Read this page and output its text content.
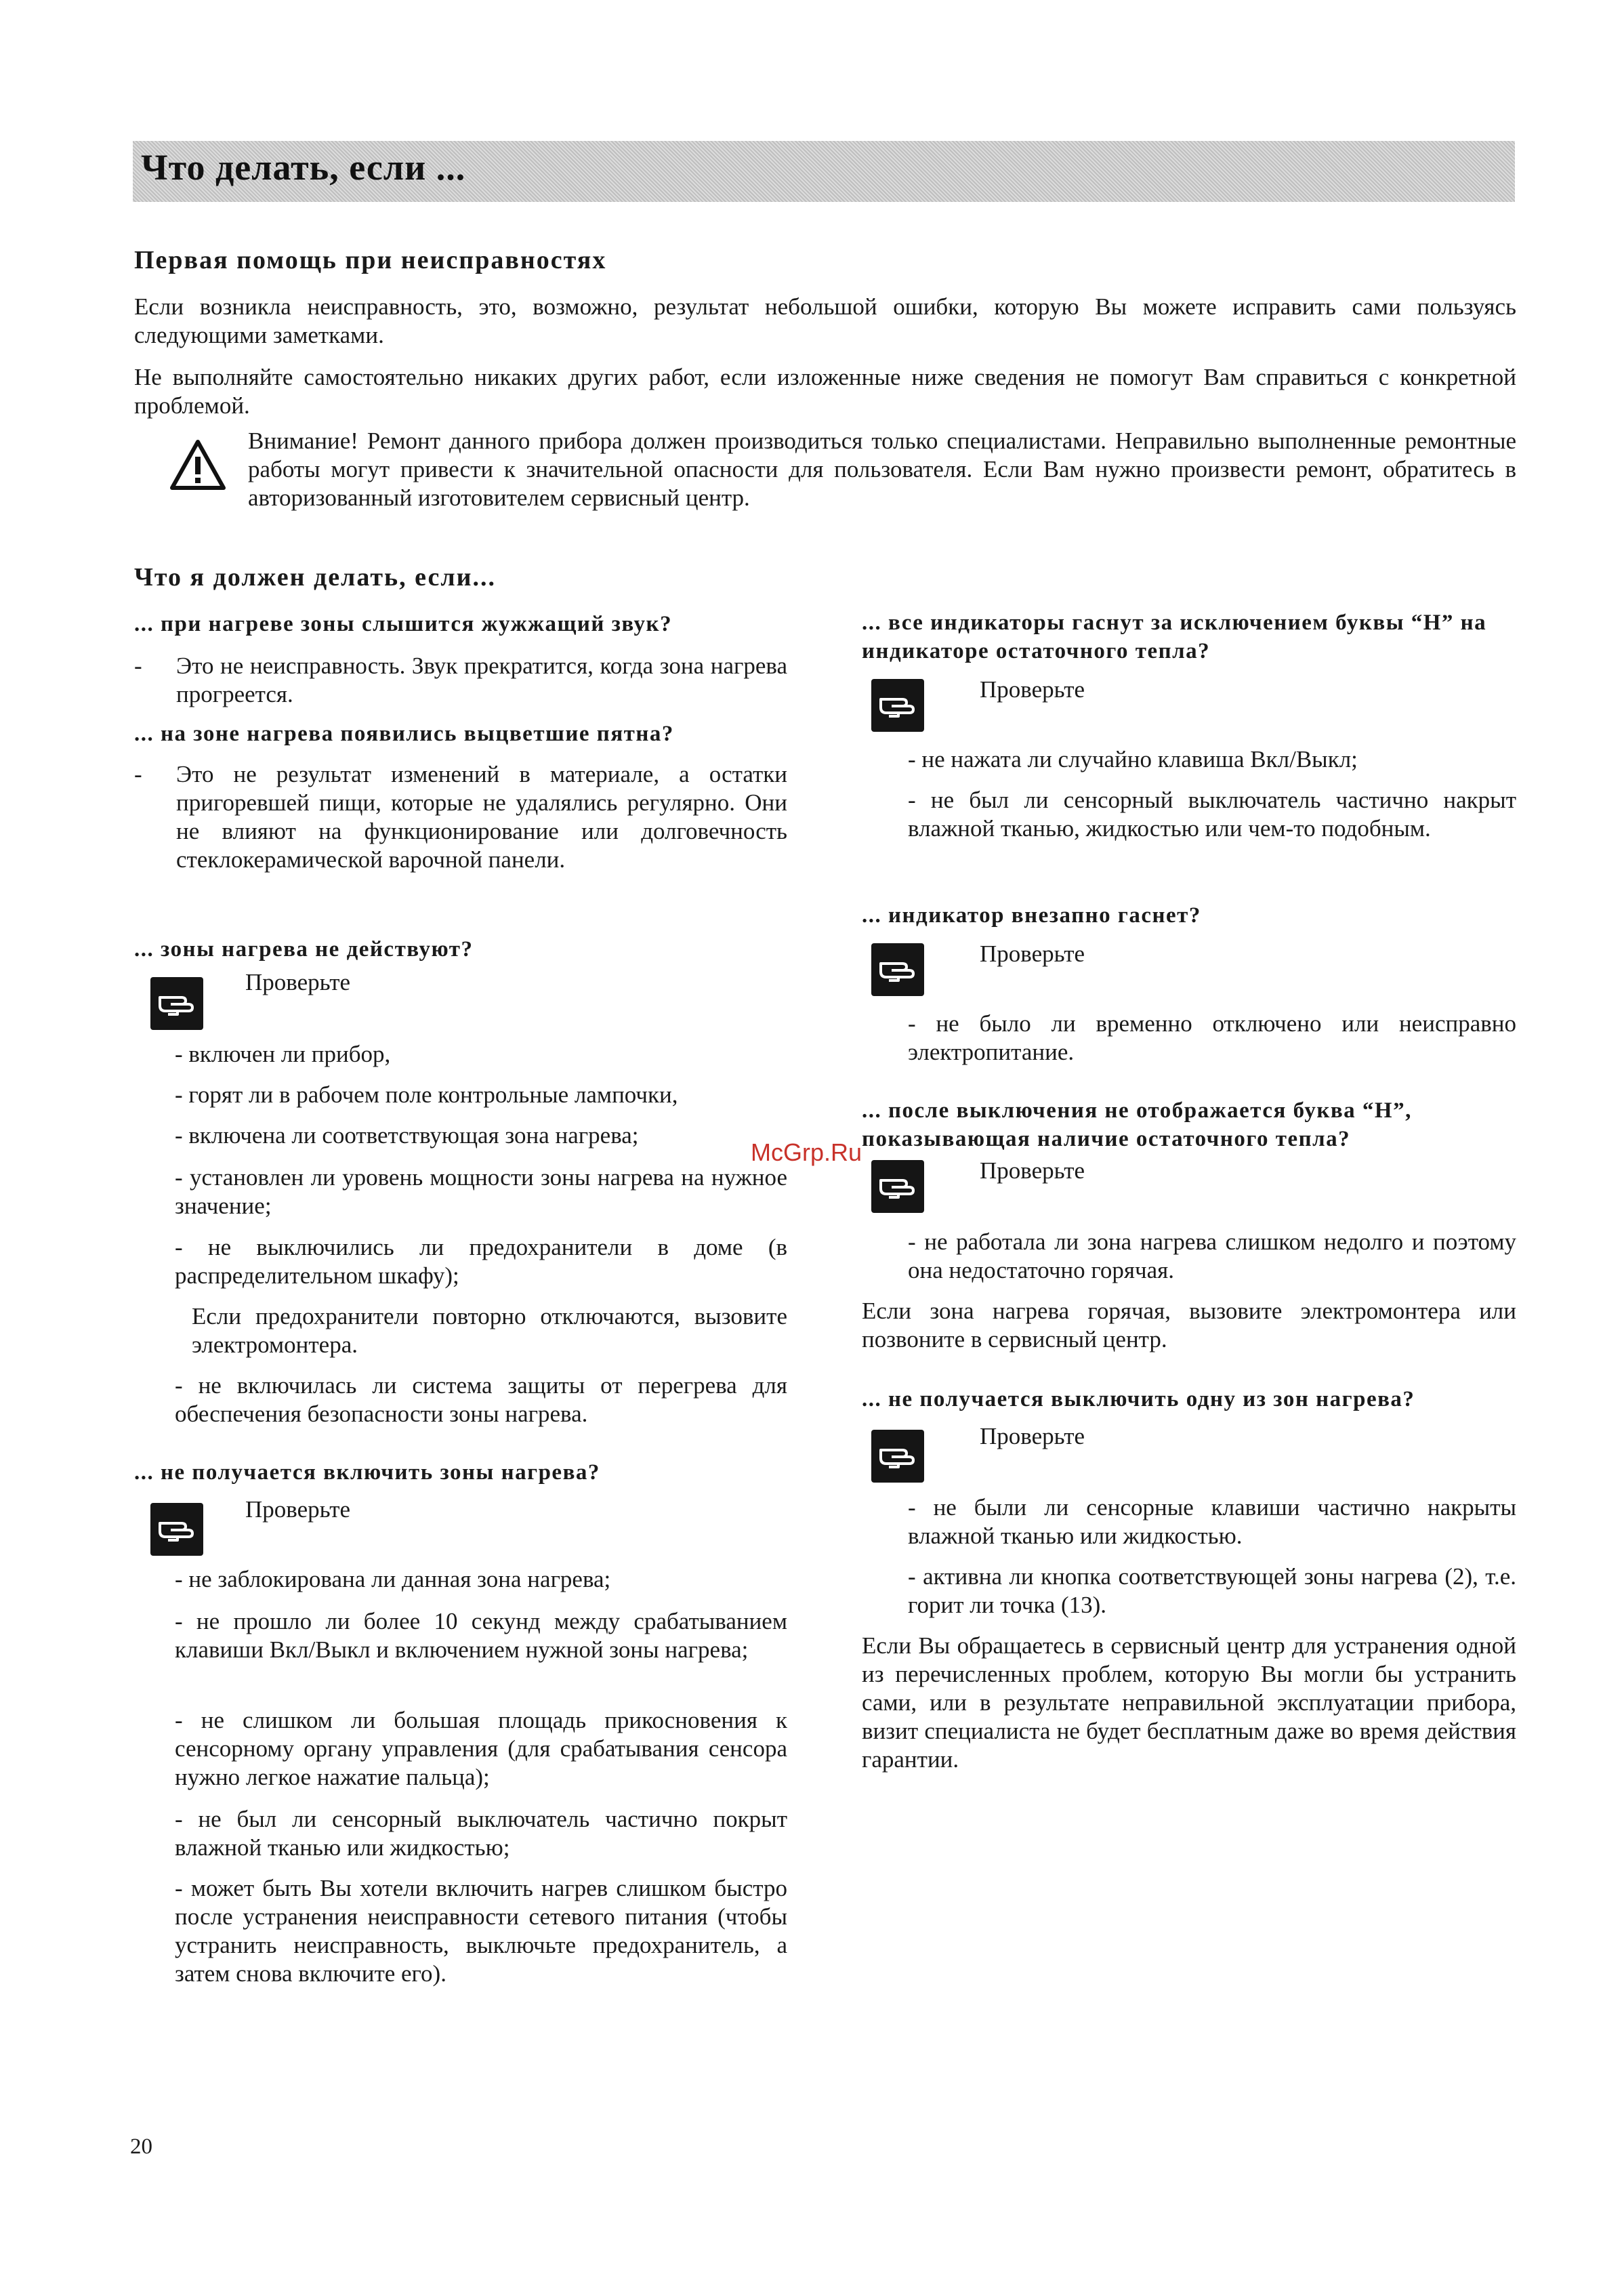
Что делать, если ...
Первая помощь при неисправностях
Если возникла неисправность, это, возможно, результат небольшой ошибки, которую Вы можете исправить сами пользуясь следующими заметками.
Не выполняйте самостоятельно никаких других работ, если изложенные ниже сведения не помогут Вам справиться с конкретной проблемой.
Внимание! Ремонт данного прибора должен производиться только специалистами. Неправильно выполненные ремонтные работы могут привести к значительной опасности для пользователя. Если Вам нужно произвести ремонт, обратитесь в авторизованный изготовителем сервисный центр.
Что я должен делать, если...
... при нагреве зоны слышится жужжащий звук?
- Это не неисправность. Звук прекратится, когда зона нагрева прогреется.
... на зоне нагрева появились выцветшие пятна?
- Это не результат изменений в материале, а остатки пригоревшей пищи, которые не удалялись регулярно. Они не влияют на функционирование или долговечность стеклокерамической варочной панели.
... зоны нагрева не действуют?
Проверьте
- включен ли прибор,
- горят ли в рабочем поле контрольные лампочки,
- включена ли соответствующая зона нагрева;
- установлен ли уровень мощности зоны нагрева на нужное значение;
- не выключились ли предохранители в доме (в распределительном шкафу);
Если предохранители повторно отключаются, вызовите электромонтера.
- не включилась ли система защиты от перегрева для обеспечения безопасности зоны нагрева.
... не получается включить зоны нагрева?
Проверьте
- не заблокирована ли данная зона нагрева;
- не прошло ли более 10 секунд между срабатыванием клавиши Вкл/Выкл и включением нужной зоны нагрева;
- не слишком ли большая площадь прикосновения к сенсорному органу управления (для срабатывания сенсора нужно легкое нажатие пальца);
- не был ли сенсорный выключатель частично покрыт влажной тканью или жидкостью;
- может быть Вы хотели включить нагрев слишком быстро после устранения неисправности сетевого питания (чтобы устранить неисправность, выключьте предохранитель, а затем снова включите его).
... все индикаторы гаснут за исключением буквы “H” на индикаторе остаточного тепла?
Проверьте
- не нажата ли случайно клавиша Вкл/Выкл;
- не был ли сенсорный выключатель частично накрыт влажной тканью, жидкостью или чем-то подобным.
... индикатор внезапно гаснет?
Проверьте
- не было ли временно отключено или неисправно электропитание.
... после выключения не отображается буква “H”, показывающая наличие остаточного тепла?
Проверьте
- не работала ли зона нагрева слишком недолго и поэтому она недостаточно горячая.
Если зона нагрева горячая, вызовите электромонтера или позвоните в сервисный центр.
... не получается выключить одну из зон нагрева?
Проверьте
- не были ли сенсорные клавиши частично накрыты влажной тканью или жидкостью.
- активна ли кнопка соответствующей зоны нагрева (2), т.е. горит ли точка (13).
Если Вы обращаетесь в сервисный центр для устранения одной из перечисленных проблем, которую Вы могли бы устранить сами, или в результате неправильной эксплуатации прибора, визит специалиста не будет бесплатным даже во время действия гарантии.
McGrp.Ru
20
